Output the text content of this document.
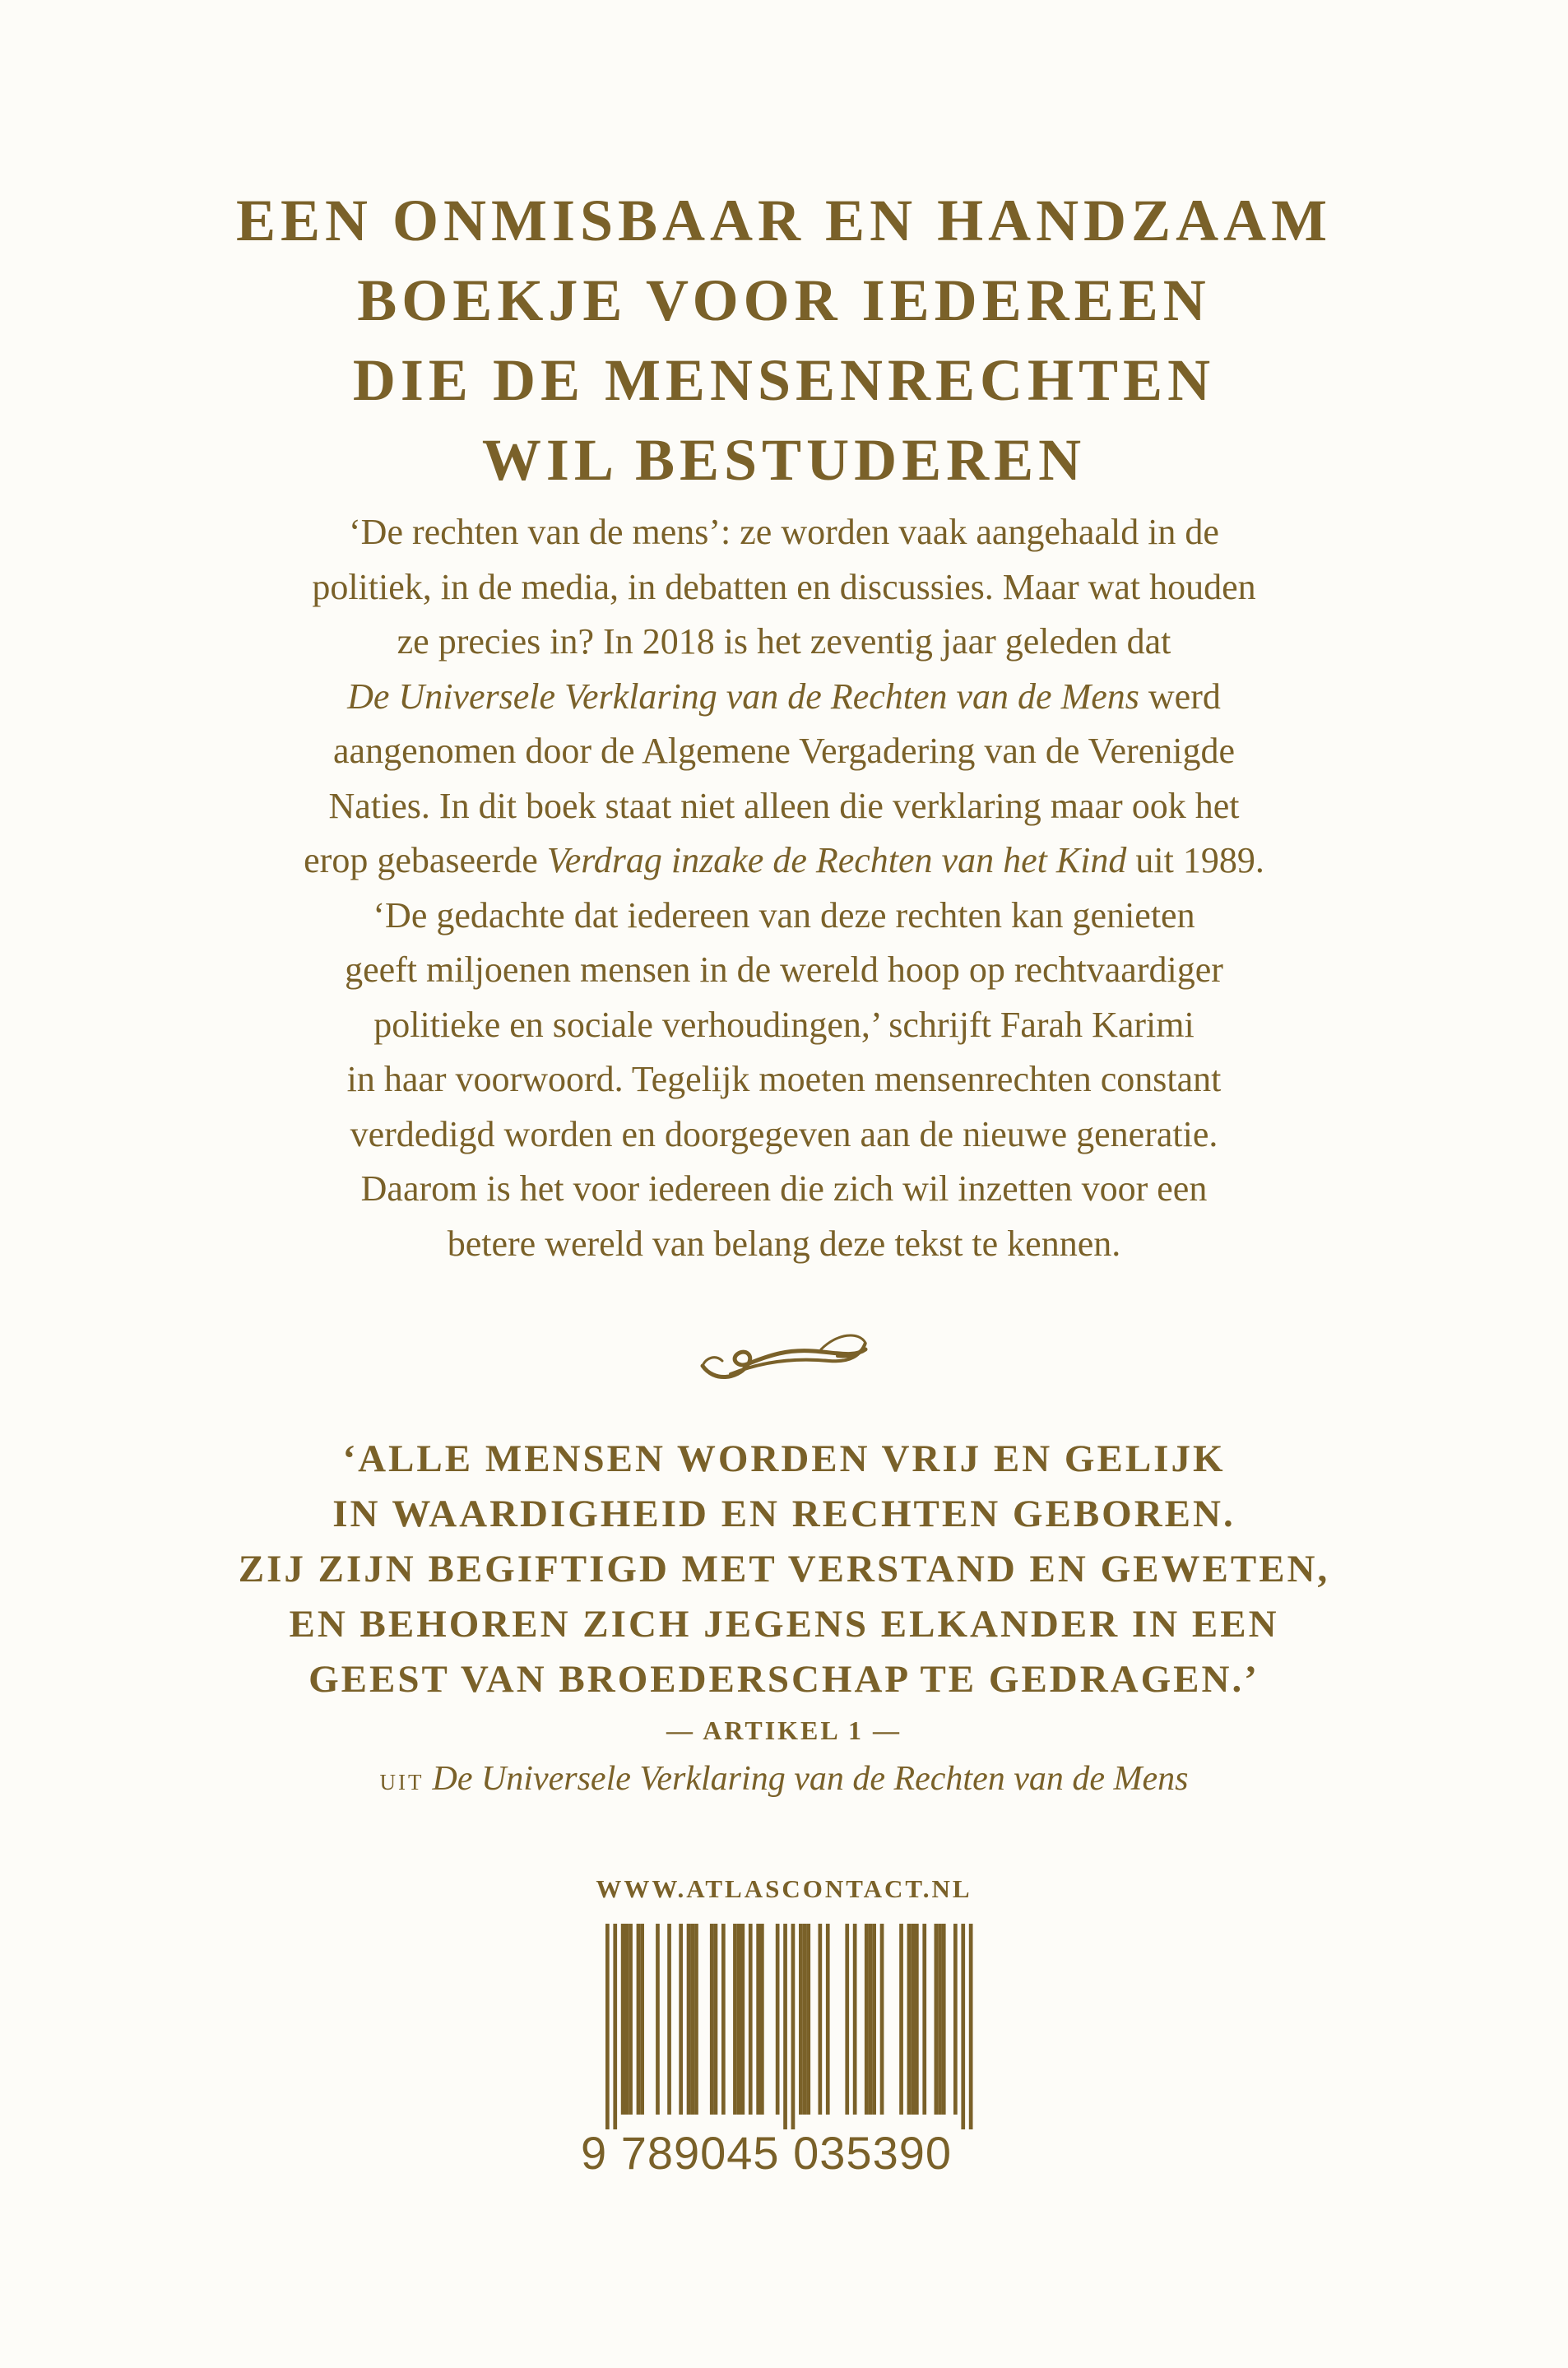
EEN ONMISBAAR EN HANDZAAM
BOEKJE VOOR IEDEREEN
DIE DE MENSENRECHTEN
WIL BESTUDEREN
‘De rechten van de mens’: ze worden vaak aangehaald in de
politiek, in de media, in debatten en discussies. Maar wat houden
ze precies in? In 2018 is het zeventig jaar geleden dat
De Universele Verklaring van de Rechten van de Mens werd
aangenomen door de Algemene Vergadering van de Verenigde
Naties. In dit boek staat niet alleen die verklaring maar ook het
erop gebaseerde Verdrag inzake de Rechten van het Kind uit 1989.
‘De gedachte dat iedereen van deze rechten kan genieten
geeft miljoenen mensen in de wereld hoop op rechtvaardiger
politieke en sociale verhoudingen,’ schrijft Farah Karimi
in haar voorwoord. Tegelijk moeten mensenrechten constant
verdedigd worden en doorgegeven aan de nieuwe generatie.
Daarom is het voor iedereen die zich wil inzetten voor een
betere wereld van belang deze tekst te kennen.
‘ALLE MENSEN WORDEN VRIJ EN GELIJK
IN WAARDIGHEID EN RECHTEN GEBOREN.
ZIJ ZIJN BEGIFTIGD MET VERSTAND EN GEWETEN,
EN BEHOREN ZICH JEGENS ELKANDER IN EEN
GEEST VAN BROEDERSCHAP TE GEDRAGEN.’
— ARTIKEL 1 —
UIT De Universele Verklaring van de Rechten van de Mens
WWW.ATLASCONTACT.NL
9 789045 035390
